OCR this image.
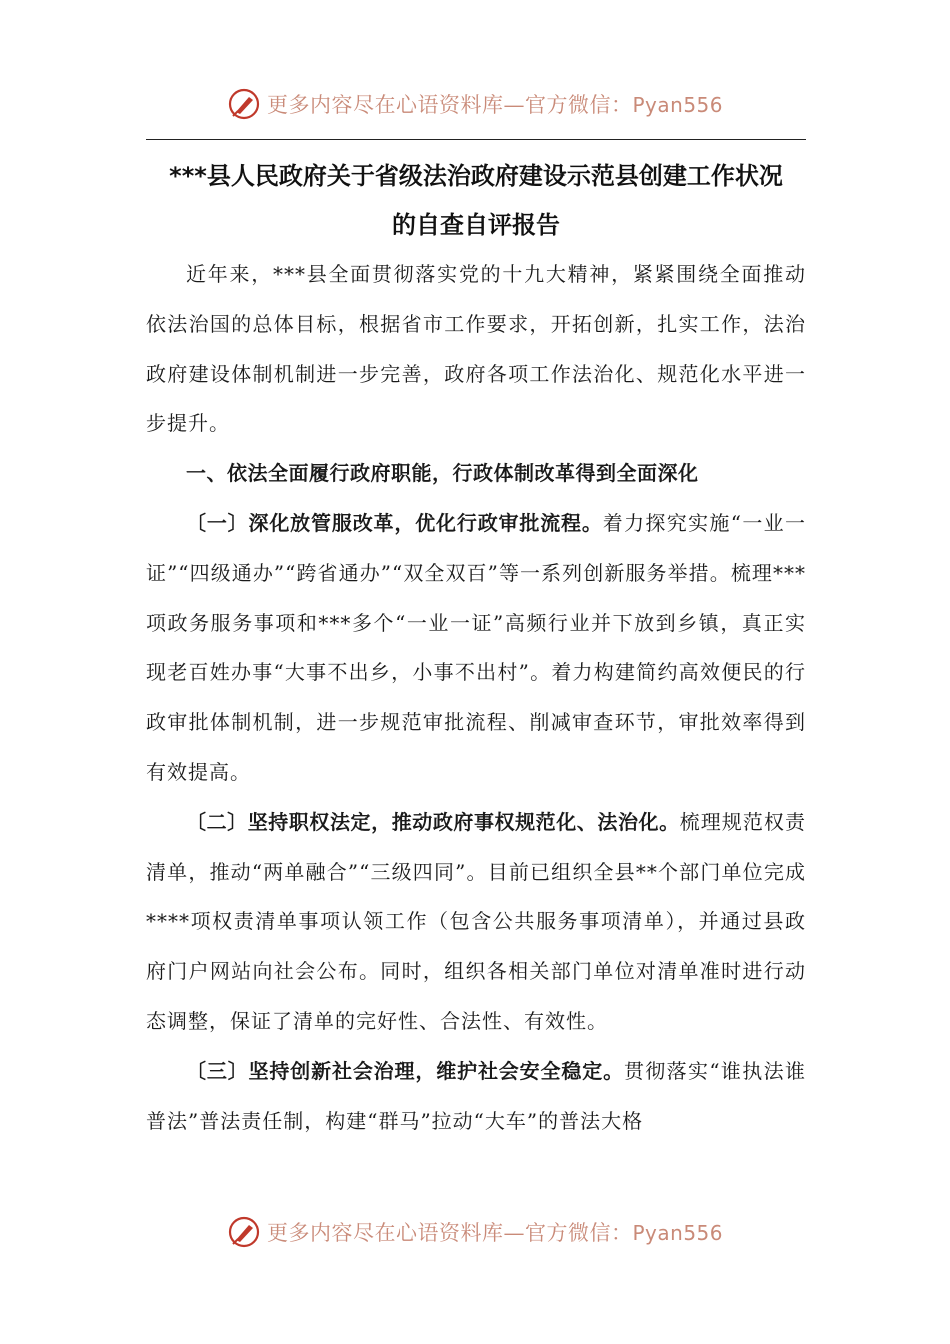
更多内容尽在心语资料库—官方微信：Pyan556
***县人民政府关于省级法治政府建设示范县创建工作状况
的自查自评报告

近年来，***县全面贯彻落实党的十九大精神，紧紧围绕全面推动依法治国的总体目标，根据省市工作要求，开拓创新，扎实工作，法治政府建设体制机制进一步完善，政府各项工作法治化、规范化水平进一步提升。

一、依法全面履行政府职能，行政体制改革得到全面深化

〔一〕深化放管服改革，优化行政审批流程。着力探究实施“一业一证”“四级通办”“跨省通办”“双全双百”等一系列创新服务举措。梳理***项政务服务事项和***多个“一业一证”高频行业并下放到乡镇，真正实现老百姓办事“大事不出乡，小事不出村”。着力构建简约高效便民的行政审批体制机制，进一步规范审批流程、削减审查环节，审批效率得到有效提高。

〔二〕坚持职权法定，推动政府事权规范化、法治化。梳理规范权责清单，推动“两单融合”“三级四同”。目前已组织全县**个部门单位完成****项权责清单事项认领工作（包含公共服务事项清单），并通过县政府门户网站向社会公布。同时，组织各相关部门单位对清单准时进行动态调整，保证了清单的完好性、合法性、有效性。

〔三〕坚持创新社会治理，维护社会安全稳定。贯彻落实“谁执法谁普法”普法责任制，构建“群马”拉动“大车”的普法大格

更多内容尽在心语资料库—官方微信：Pyan556
